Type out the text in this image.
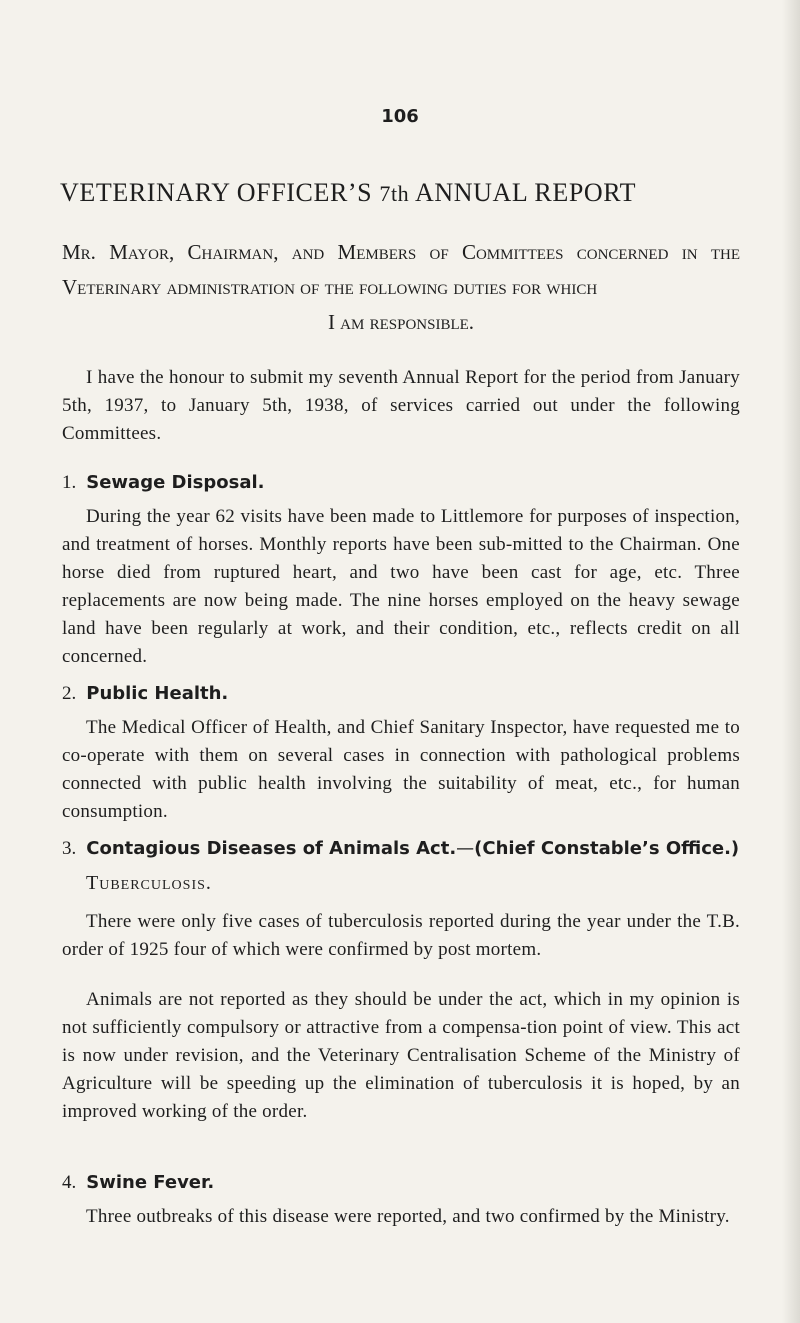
106
VETERINARY OFFICER’S 7th ANNUAL REPORT
Mr. Mayor, Chairman, and Members of Committees concerned in the Veterinary administration of the following duties for which
I am responsible.
I have the honour to submit my seventh Annual Report for the period from January 5th, 1937, to January 5th, 1938, of services carried out under the following Committees.
1. Sewage Disposal.
During the year 62 visits have been made to Littlemore for purposes of inspection, and treatment of horses. Monthly reports have been sub-mitted to the Chairman. One horse died from ruptured heart, and two have been cast for age, etc. Three replacements are now being made. The nine horses employed on the heavy sewage land have been regularly at work, and their condition, etc., reflects credit on all concerned.
2. Public Health.
The Medical Officer of Health, and Chief Sanitary Inspector, have requested me to co-operate with them on several cases in connection with pathological problems connected with public health involving the suitability of meat, etc., for human consumption.
3. Contagious Diseases of Animals Act.—(Chief Constable’s Office.)
Tuberculosis.
There were only five cases of tuberculosis reported during the year under the T.B. order of 1925 four of which were confirmed by post mortem.
Animals are not reported as they should be under the act, which in my opinion is not sufficiently compulsory or attractive from a compensa-tion point of view. This act is now under revision, and the Veterinary Centralisation Scheme of the Ministry of Agriculture will be speeding up the elimination of tuberculosis it is hoped, by an improved working of the order.
4. Swine Fever.
Three outbreaks of this disease were reported, and two confirmed by the Ministry.
